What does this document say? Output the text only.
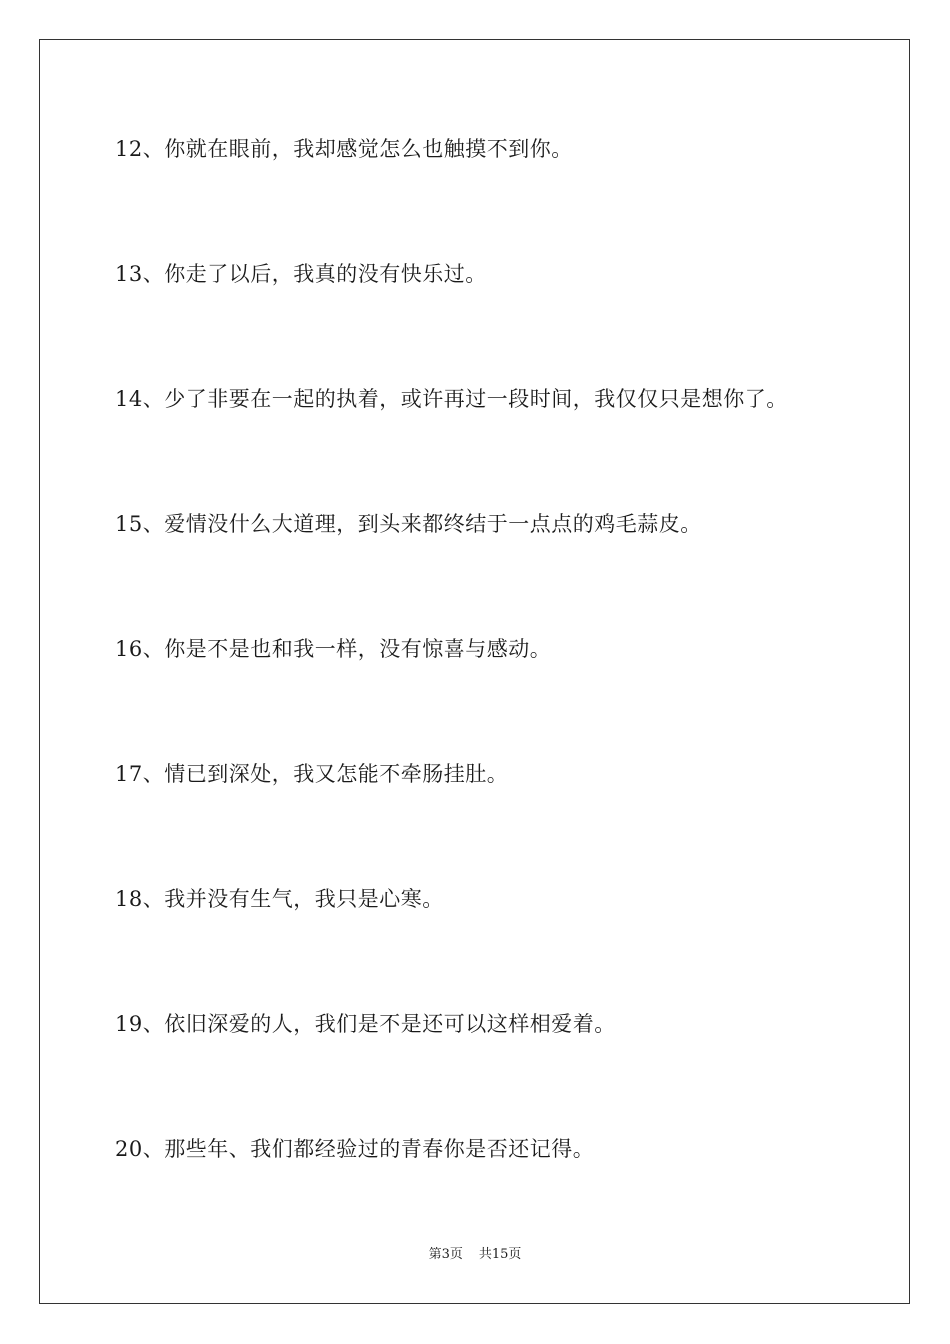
12、你就在眼前，我却感觉怎么也触摸不到你。
13、你走了以后，我真的没有快乐过。
14、少了非要在一起的执着，或许再过一段时间，我仅仅只是想你了。
15、爱情没什么大道理，到头来都终结于一点点的鸡毛蒜皮。
16、你是不是也和我一样，没有惊喜与感动。
17、情已到深处，我又怎能不牵肠挂肚。
18、我并没有生气，我只是心寒。
19、依旧深爱的人，我们是不是还可以这样相爱着。
20、那些年、我们都经验过的青春你是否还记得。
第3页 共15页
